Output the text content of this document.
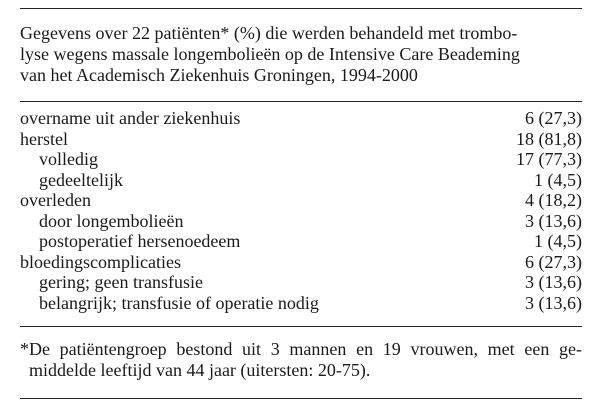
Gegevens over 22 patiënten* (%) die werden behandeld met trombo-
lyse wegens massale longembolieën op de Intensive Care Beademing
van het Academisch Ziekenhuis Groningen, 1994-2000
overname uit ander ziekenhuis	6 (27,3)
herstel	18 (81,8)
volledig	17 (77,3)
gedeeltelijk	1 (4,5)
overleden	4 (18,2)
door longembolieën	3 (13,6)
postoperatief hersenoedeem	1 (4,5)
bloedingscomplicaties	6 (27,3)
gering; geen transfusie	3 (13,6)
belangrijk; transfusie of operatie nodig	3 (13,6)
*De patiëntengroep bestond uit 3 mannen en 19 vrouwen, met een ge-
middelde leeftijd van 44 jaar (uitersten: 20-75).
